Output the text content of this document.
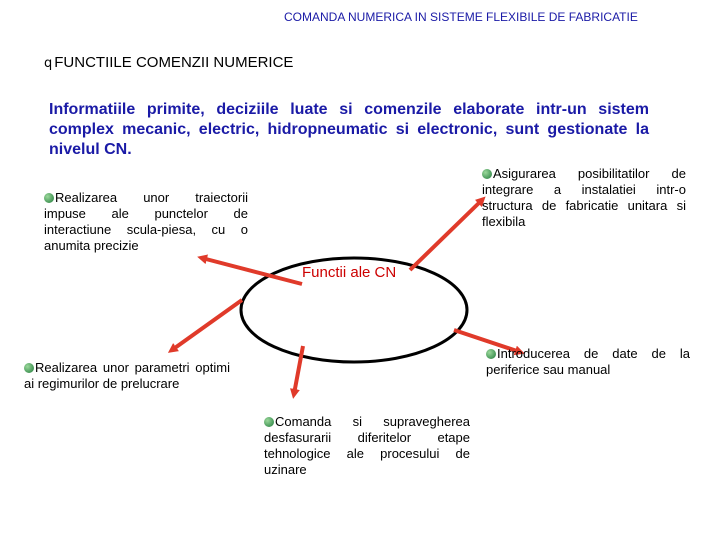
COMANDA NUMERICA IN SISTEME FLEXIBILE DE FABRICATIE
q FUNCTIILE COMENZII NUMERICE
Informatiile primite, deciziile luate si comenzile elaborate intr-un sistem complex mecanic, electric, hidropneumatic si electronic, sunt gestionate la nivelul CN.
Functii ale CN
Realizarea unor traiectorii impuse ale punctelor de interactiune scula-piesa, cu o anumita precizie
Asigurarea posibilitatilor de integrare a instalatiei intr-o structura de fabricatie unitara si flexibila
Realizarea unor parametri optimi ai regimurilor de prelucrare
Introducerea de date de la periferice sau manual
Comanda si supravegherea desfasurarii diferitelor etape tehnologice ale procesului de uzinare
